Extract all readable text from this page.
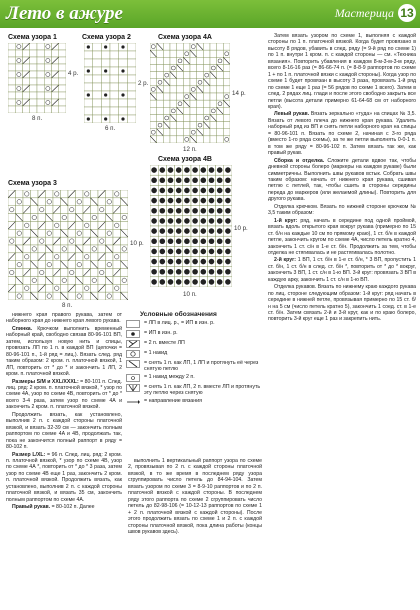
Лето в ажуре	Мастерица 13
Схема узора 1
8 п.
4 р.
Схема узора 2
6 п.
2 р.
Схема узора 4А
12 п.
14 р.
Схема узора 4В
10 п.
10 р.
Схема узора 3
8 п.
10 р.

нижнего края правого рукава, затем от наборного края до нижнего края левого рукава.

Спинка. Крючком выполнить временный наборный край, свободно связав 80-96-101 ВП, затем, используя новую нить и спицы, провязать ЛП по 1 п. в каждой ВП (цепочки = 80-96-101 п., 1-й ряд = лиц.). Вязать след. ряд таким образом: 2 кром. п. платочной вязкой, 1 ЛП, повторить от * до * и закончить 1 ЛП, 2 кром. п. платочной вязкой.

Размеры S/M и XXL/XXXL: = 80-101 п. След. лиц. ряд: 2 кром. п. платочной вязкой, * узор по схеме 4A, узор по схеме 4B, повторить от * до * всего 3-4 раза, затем узор по схеме 4A и закончить 2 кром. п. платочной вязкой.

Продолжить вязать, как установлено, выполнив 2 п. с каждой стороны платочной вязкой, и вязать 32-39 см — закончить полным раппортом по схеме 4A и 4B, продолжать так, пока не закончится полный раппорт в ряду = 80-102 п.

Размер L/XL: = 96 п. След. лиц. ряд: 2 кром. п. платочной вязкой, * узор по схеме 4В, узор по схеме 4А *, повторить от * до * 3 раза, затем узор по схеме 4В еще 1 раз, закончить 2 кром. п. платочной вязкой. Продолжить вязать, как установлено, выполнив 2 п. с каждой стороны платочной вязкой, и вязать 35 см, закончить полным раппортом по схеме 4А.

Правый рукав. = 80-102 п. Далее

Условные обозначения
= ЛП в лиц. р., = ИП в изн. р.
= ИП в изн. р.
= 2 п. вместе ЛП
= 1 накид
= снять 1 п. как ЛП, 1 ЛП и протянуть её через снятую петлю
= 1 накид между 2 п.
= снять 1 п. как ЛП, 2 п. вместе ЛП и протянуть эту петлю через снятую
= направление вязания

выполнить 1 вертикальный раппорт узора по схеме 2, провязывая по 2 п. с каждой стороны платочной вязкой, в то же время в последнем ряду узора сгруппировать число петель до 84-94-104. Затем вязать узором по схеме 3 = 8-9-10 раппортов и по 2 п. платочной вязкой с каждой стороны. В последнем ряду этого раппорта по схеме 2 сгруппировать число петель до 82-98-106 (= 10-12-13 раппортов по схеме 1 + 2 п. платочной вязкой с каждой стороны). После этого продолжить вязать по схеме 1 и 2 п. с каждой стороны платочной вязкой, пока длина работы (концы швов рукавов здесь).

Затем вязать узором по схеме 1, выполняя с каждой стороны по 1 п. платочной вязкой. Когда будет провязано в высоту 8 рядов, убавить в след. ряду (= 9-й ряд по схеме 1) по 1 п. внутри 1 кром. п. с каждой стороны — см. «Техника вязания». Повторить убавления в каждом 8-м-3-м-3-м ряду, всего 8-16-16 раз (= 86-66-74 п. (= 8-8-9 раппортов по схеме 1 + по 1 п. платочной вязки с каждой стороны). Когда узор по схеме 1 будет провязан в высоту 3 раза, провязать 1-й ряд по схеме 1 еще 1 раз (= 56 рядов по схеме 1 всего). Затем в след. 2 рядах лиц. глади и после этого свободно закрыть все петли (высота детали примерно 61-64-68 см от наборного края).

Левый рукав. Вязать зеркально «туда» на спицах № 3,5. Вязать от левого плеча до нижнего края рукава. Удалить наборный ряд из ВП и снять петли наборного края на спицы = 80-96-101 п. Вязать по схеме 2, начиная с 3-го ряда (вместо 1-го ряда схемы), за те же петли выполнять 0-0-1 п. в том же ряду = 80-96-102 п. Затем вязать так же, как правый рукав.

Сборка и отделка. Сложите детали вдвое так, чтобы дневной стороны болеро (маркеры на каждом рукаве) были симметричны. Выполнить швы рукавов встык. Собрать швы таким образом: начать от нижнего края рукава, сшивая петлю с петлей, так, чтобы сшить в стороны середины переда до маркеров (или желаемой длины). Повторить для другого рукава.

Отделка крючком. Вязать по нижней стороне крючком № 3,5 таким образом:

1-й круг: ряд, начать в середине под одной проймой, вязать вдоль открытого края вокруг рукава (примерно по 15 ст. б/н на каждые 10 см по прямому краю), 1 ст. б/н в каждой петле, закончить кругом по схеме 4A, число петель кратно 4, закончить 1 ст. с/н в 1-е ст. б/н. Продолжить за тем, чтобы отделка не стягивалась и не растягивалась полотно.

2-й круг: 1 ВП, 1 ст. б/н в 1-е ст. б/н, * 3 ВП, пропустить 1 ст. б/н, 1 ст. б/н в след. ст. б/н *, повторить от * до * вокруг, закончить 3 ВП, 1 ст. с/н в 1-ю ВП. 3-й круг: провязать 3 ВП в каждую арку, закончить 1 ст. с/н в 1-ю ВП.

Отделка рукавов. Вязать по нижнему краю каждого рукава по лиц. стороне следующим образом: 1-й круг: ряд начать в середине в нижней петле, провязывая примерно по 15 ст. б/н на 5 см (число петель кратно 5), закончить 1 соед. ст. в 1-е ст. б/н. Затем связать 2-й и 3-й круг, как и по краю болеро, повторить 3-й круг еще 1 раз и закрепить нить.
